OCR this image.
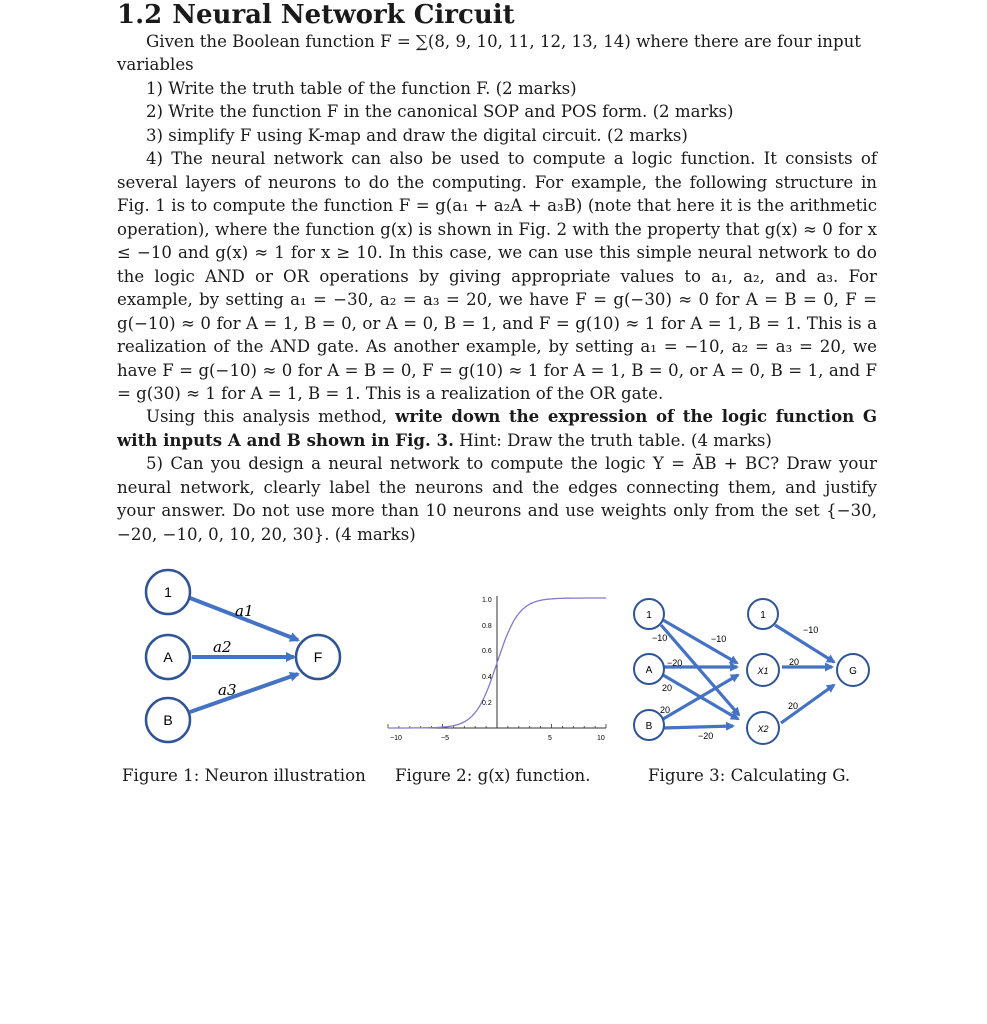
1.2 Neural Network Circuit
Given the Boolean function F = ∑(8, 9, 10, 11, 12, 13, 14) where there are four input
variables
1) Write the truth table of the function F. (2 marks)
2) Write the function F in the canonical SOP and POS form. (2 marks)
3) simplify F using K-map and draw the digital circuit. (2 marks)
4) The neural network can also be used to compute a logic function. It consists of several layers of neurons to do the computing. For example, the following structure in Fig. 1 is to compute the function F = g(a₁ + a₂A + a₃B) (note that here it is the arithmetic operation), where the function g(x) is shown in Fig. 2 with the property that g(x) ≈ 0 for x ≤ −10 and g(x) ≈ 1 for x ≥ 10. In this case, we can use this simple neural network to do the logic AND or OR operations by giving appropriate values to a₁, a₂, and a₃. For example, by setting a₁ = −30, a₂ = a₃ = 20, we have F = g(−30) ≈ 0 for A = B = 0, F = g(−10) ≈ 0 for A = 1, B = 0, or A = 0, B = 1, and F = g(10) ≈ 1 for A = 1, B = 1. This is a realization of the AND gate. As another example, by setting a₁ = −10, a₂ = a₃ = 20, we have F = g(−10) ≈ 0 for A = B = 0, F = g(10) ≈ 1 for A = 1, B = 0, or A = 0, B = 1, and F = g(30) ≈ 1 for A = 1, B = 1. This is a realization of the OR gate.
Using this analysis method, write down the expression of the logic function G with inputs A and B shown in Fig. 3. Hint: Draw the truth table. (4 marks)
5) Can you design a neural network to compute the logic Y = ĀB + BC? Draw your neural network, clearly label the neurons and the edges connecting them, and justify your answer. Do not use more than 10 neurons and use weights only from the set {−30, −20, −10, 0, 10, 20, 30}. (4 marks)
1
A
B
F
a1
a2
a3
−10	−5	5	10
1.0
0.8
0.6
0.4
0.2
1
A
B
1
X1
X2
G
−10	−10
−20
20
20
−20
20
20
−10
Figure 1: Neuron illustration Figure 2: g(x) function.	Figure 3: Calculating G.
